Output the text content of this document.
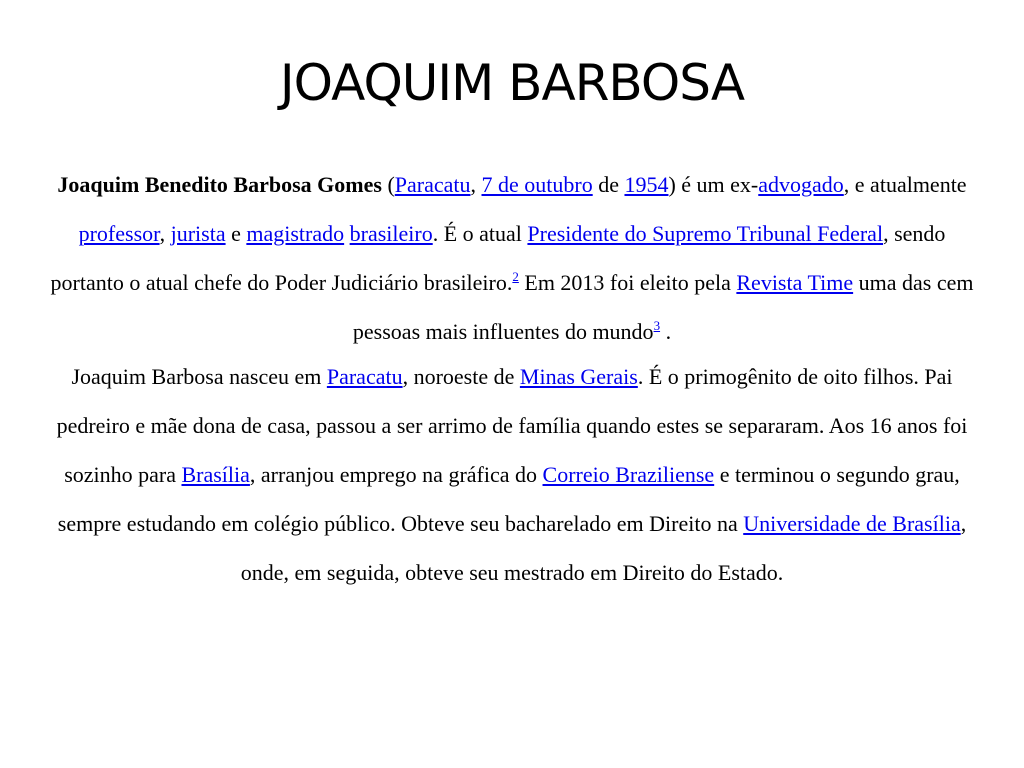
JOAQUIM BARBOSA

Joaquim Benedito Barbosa Gomes (Paracatu, 7 de outubro de 1954) é um ex-advogado, e atualmente professor, jurista e magistrado brasileiro. É o atual Presidente do Supremo Tribunal Federal, sendo portanto o atual chefe do Poder Judiciário brasileiro.$^2$ Em 2013 foi eleito pela Revista Time uma das cem pessoas mais influentes do mundo$^3$ .

Joaquim Barbosa nasceu em Paracatu, noroeste de Minas Gerais. É o primogênito de oito filhos. Pai pedreiro e mãe dona de casa, passou a ser arrimo de família quando estes se separaram. Aos 16 anos foi sozinho para Brasília, arranjou emprego na gráfica do Correio Braziliense e terminou o segundo grau, sempre estudando em colégio público. Obteve seu bacharelado em Direito na Universidade de Brasília, onde, em seguida, obteve seu mestrado em Direito do Estado.
